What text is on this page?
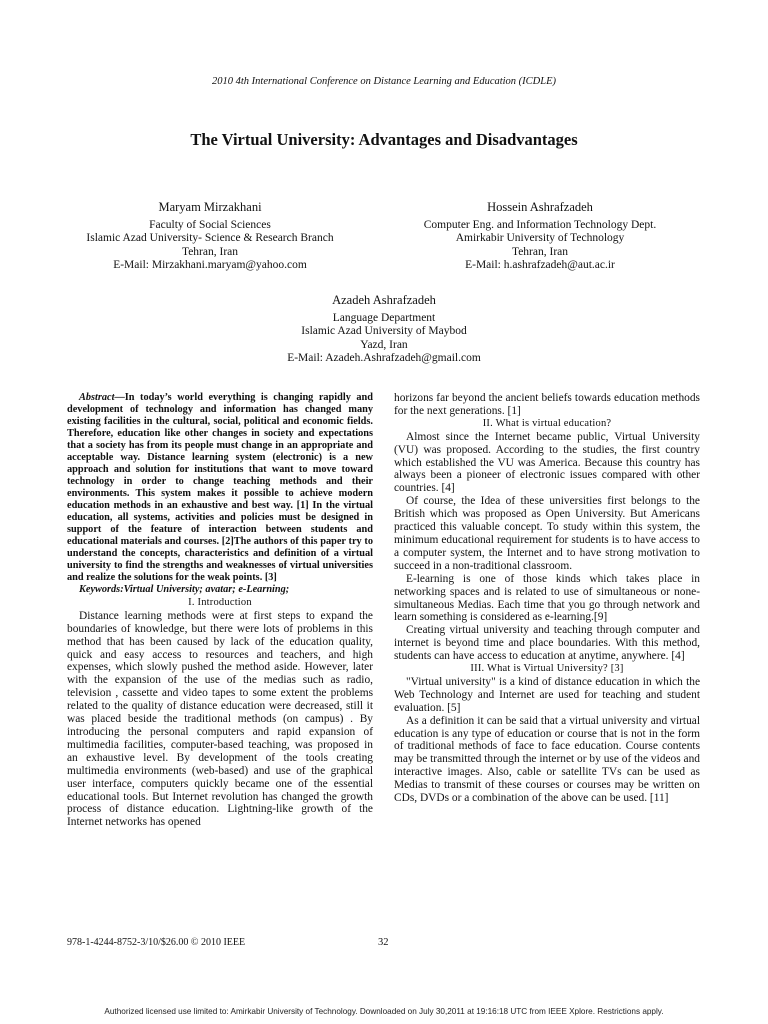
2010 4th International Conference on Distance Learning and Education (ICDLE)
The Virtual University: Advantages and Disadvantages
Maryam Mirzakhani
Faculty of Social Sciences
Islamic Azad University- Science & Research Branch
Tehran, Iran
E-Mail: Mirzakhani.maryam@yahoo.com
Hossein Ashrafzadeh
Computer Eng. and Information Technology Dept.
Amirkabir University of Technology
Tehran, Iran
E-Mail: h.ashrafzadeh@aut.ac.ir
Azadeh Ashrafzadeh
Language Department
Islamic Azad University of Maybod
Yazd, Iran
E-Mail: Azadeh.Ashrafzadeh@gmail.com

Abstract—In today’s world everything is changing rapidly and development of technology and information has changed many existing facilities in the cultural, social, political and economic fields. Therefore, education like other changes in society and expectations that a society has from its people must change in an appropriate and acceptable way. Distance learning system (electronic) is a new approach and solution for institutions that want to move toward technology in order to change teaching methods and their environments. This system makes it possible to achieve modern education methods in an exhaustive and best way. [1] In the virtual education, all systems, activities and policies must be designed in support of the feature of interaction between students and educational materials and courses. [2]The authors of this paper try to understand the concepts, characteristics and definition of a virtual university to find the strengths and weaknesses of virtual universities and realize the solutions for the weak points. [3]

Keywords:Virtual University; avatar; e-Learning;

I. Introduction

Distance learning methods were at first steps to expand the boundaries of knowledge, but there were lots of problems in this method that has been caused by lack of the education quality, quick and easy access to resources and teachers, and high expenses, which slowly pushed the method aside. However, later with the expansion of the use of the medias such as radio, television , cassette and video tapes to some extent the problems related to the quality of distance education were decreased, still it was placed beside the traditional methods (on campus) . By introducing the personal computers and rapid expansion of multimedia facilities, computer-based teaching, was proposed in an exhaustive level. By development of the tools creating multimedia environments (web-based) and use of the graphical user interface, computers quickly became one of the essential educational tools. But Internet revolution has changed the growth process of distance education. Lightning-like growth of the Internet networks has opened

horizons far beyond the ancient beliefs towards education methods for the next generations. [1]

II. What is virtual education?

Almost since the Internet became public, Virtual University (VU) was proposed. According to the studies, the first country which established the VU was America. Because this country has always been a pioneer of electronic issues compared with other countries. [4]

Of course, the Idea of these universities first belongs to the British which was proposed as Open University. But Americans practiced this valuable concept. To study within this system, the minimum educational requirement for students is to have access to a computer system, the Internet and to have strong motivation to succeed in a non-traditional classroom.

E-learning is one of those kinds which takes place in networking spaces and is related to use of simultaneous or none-simultaneous Medias. Each time that you go through network and learn something is considered as e-learning.[9]

Creating virtual university and teaching through computer and internet is beyond time and place boundaries. With this method, students can have access to education at anytime, anywhere. [4]

III. What is Virtual University? [3]

"Virtual university" is a kind of distance education in which the Web Technology and Internet are used for teaching and student evaluation. [5]

As a definition it can be said that a virtual university and virtual education is any type of education or course that is not in the form of traditional methods of face to face education. Course contents may be transmitted through the internet or by use of the videos and interactive images. Also, cable or satellite TVs can be used as Medias to transmit of these courses or courses may be written on CDs, DVDs or a combination of the above can be used. [11]

978-1-4244-8752-3/10/$26.00 © 2010 IEEE	32
Authorized licensed use limited to: Amirkabir University of Technology. Downloaded on July 30,2011 at 19:16:18 UTC from IEEE Xplore. Restrictions apply.
